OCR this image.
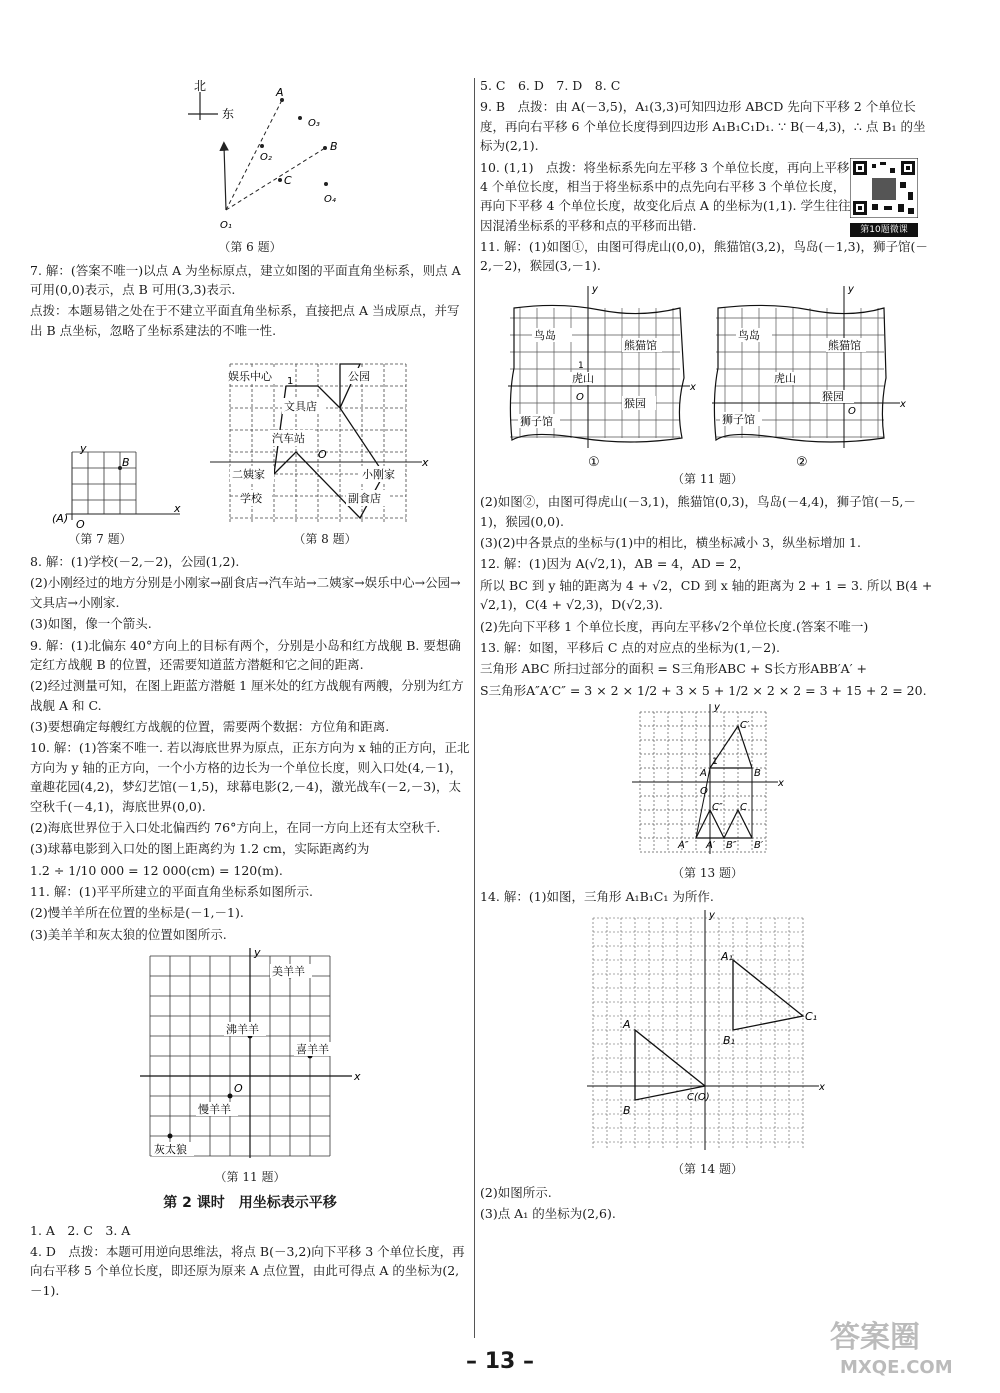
北
东
A
O₃
O₂
B
C
O₄
O₁

（第 6 题）

7. 解：(答案不唯一)以点 A 为坐标原点，建立如图的平面直角坐标系，则点 A 可用(0,0)表示，点 B 可用(3,3)表示.

点拨：本题易错之处在于不建立平面直角坐标系，直接把点 A 当成原点，并写出 B 点坐标，忽略了坐标系建法的不唯一性.

y
x
B
(A) O
x
娱乐中心 1	公园
文具店
汽车站
O
二姨家	小刚家
学校	副食店
（第 7 题）	（第 8 题）

8. 解：(1)学校(－2,－2)，公园(1,2).

(2)小刚经过的地方分别是小刚家→副食店→汽车站→二姨家→娱乐中心→公园→文具店→小刚家.

(3)如图，像一个箭头.

9. 解：(1)北偏东 40°方向上的目标有两个，分别是小岛和红方战舰 B. 要想确定红方战舰 B 的位置，还需要知道蓝方潜艇和它之间的距离.

(2)经过测量可知，在图上距蓝方潜艇 1 厘米处的红方战舰有两艘，分别为红方战舰 A 和 C.

(3)要想确定每艘红方战舰的位置，需要两个数据：方位角和距离.

10. 解：(1)答案不唯一. 若以海底世界为原点，正东方向为 x 轴的正方向，正北方向为 y 轴的正方向，一个小方格的边长为一个单位长度，则入口处(4,－1)，童趣花园(4,2)，梦幻艺馆(－1,5)，球幕电影(2,－4)，激光战车(－2,－3)，太空秋千(－4,1)，海底世界(0,0).

(2)海底世界位于入口处北偏西约 76°方向上，在同一方向上还有太空秋千.

(3)球幕电影到入口处的图上距离约为 1.2 cm，实际距离约为

1.2 ÷ 1/10 000 = 12 000(cm) = 120(m).

11. 解：(1)平平所建立的平面直角坐标系如图所示.

(2)慢羊羊所在位置的坐标是(－1,－1).

(3)美羊羊和灰太狼的位置如图所示.

y
x
O
美羊羊
沸羊羊
喜羊羊
慢羊羊
灰太狼

（第 11 题）

第 2 课时　用坐标表示平移

1. A　2. C　3. A

4. D　点拨：本题可用逆向思维法，将点 B(－3,2)向下平移 3 个单位长度，再向右平移 5 个单位长度，即还原为原来 A 点位置，由此可得点 A 的坐标为(2,－1).

5. C　6. D　7. D　8. C

9. B　点拨：由 A(－3,5)，A₁(3,3)可知四边形 ABCD 先向下平移 2 个单位长度，再向右平移 6 个单位长度得到四边形 A₁B₁C₁D₁. ∵ B(－4,3)，∴ 点 B₁ 的坐标为(2,1).

10. (1,1)　点拨：将坐标系先向左平移 3 个单位长度，再向上平移 4 个单位长度，相当于将坐标系中的点先向右平移 3 个单位长度，再向下平移 4 个单位长度，故变化后点 A 的坐标为(1,1). 学生往往因混淆坐标系的平移和点的平移而出错.	第10题微课

11. 解：(1)如图①，由图可得虎山(0,0)，熊猫馆(3,2)，鸟岛(－1,3)，狮子馆(－2,－2)，猴园(3,－1).

y
x
O
1
鸟岛
熊猫馆
虎山
猴园
狮子馆
y
x
O
鸟岛
熊猫馆
虎山
猴园
狮子馆
①	②

（第 11 题）

(2)如图②，由图可得虎山(－3,1)，熊猫馆(0,3)，鸟岛(－4,4)，狮子馆(－5,－1)，猴园(0,0).

(3)(2)中各景点的坐标与(1)中的相比，横坐标减小 3，纵坐标增加 1.

12. 解：(1)因为 A(√2,1)，AB = 4，AD = 2，

所以 BC 到 y 轴的距离为 4 + √2，CD 到 x 轴的距离为 2 + 1 = 3. 所以 B(4 + √2,1)，C(4 + √2,3)，D(√2,3).

(2)先向下平移 1 个单位长度，再向左平移√2个单位长度.(答案不唯一)

13. 解：如图，平移后 C 点的对应点的坐标为(1,－2).

三角形 ABC 所扫过部分的面积 = S三角形ABC + S长方形ABB′A′ +

S三角形A″A′C″ = 3 × 2 × 1/2 + 3 × 5 + 1/2 × 2 × 2 = 3 + 15 + 2 = 20.

y
x
C′
A	B
O
1
C″ C
A″ A′ B″ B′

（第 13 题）

14. 解：(1)如图，三角形 A₁B₁C₁ 为所作.

y
x
A
B
C(O)
A₁
B₁
C₁

（第 14 题）

(2)如图所示.

(3)点 A₁ 的坐标为(2,6).

– 13 –
答案圈
MXQE.COM
